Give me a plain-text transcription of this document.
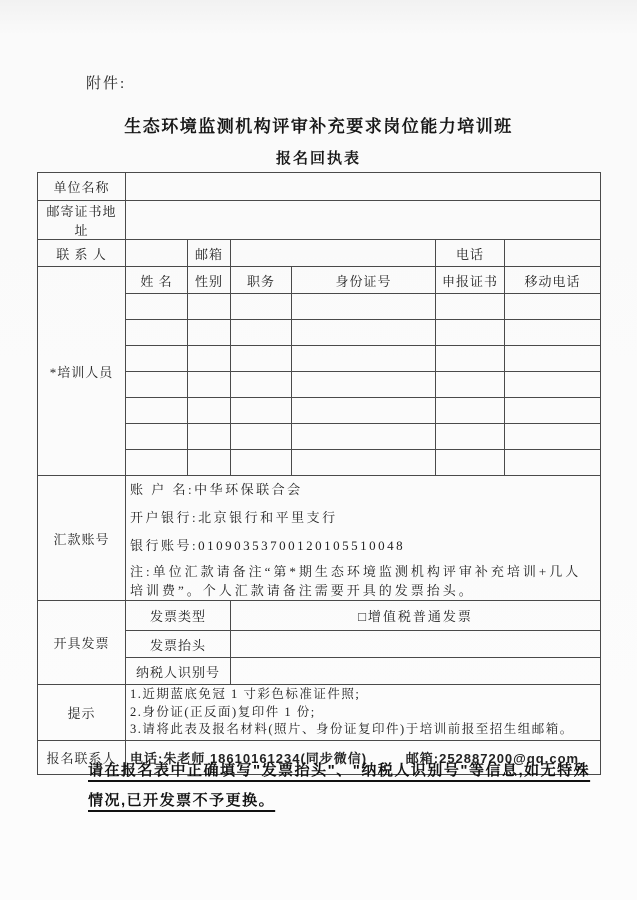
附件:
生态环境监测机构评审补充要求岗位能力培训班
报名回执表
单位名称						
邮寄证书地址						
联 系 人		邮箱			电话	
*培训人员	姓 名	性别	职务	身份证号	申报证书	移动电话

汇款账号	账 户 名:中华环保联合会
开户银行:北京银行和平里支行
银行账号:01090353700120105510048
注:单位汇款请备注“第*期生态环境监测机构评审补充培训+几人培训费”。个人汇款请备注需要开具的发票抬头。					

开具发票	发票类型		□增值税普通发票			
	发票抬头					
	纳税人识别号					
提示	1.近期蓝底免冠 1 寸彩色标准证件照;
2.身份证(正反面)复印件 1 份;
3.请将此表及报名材料(照片、身份证复印件)于培训前报至招生组邮箱。					

报名联系人	电话:朱老师 18610161234(同步微信) 邮箱:252887200@qq.com					
请在报名表中正确填写"发票抬头"、"纳税人识别号"等信息,如无特殊情况,已开发票不予更换。
